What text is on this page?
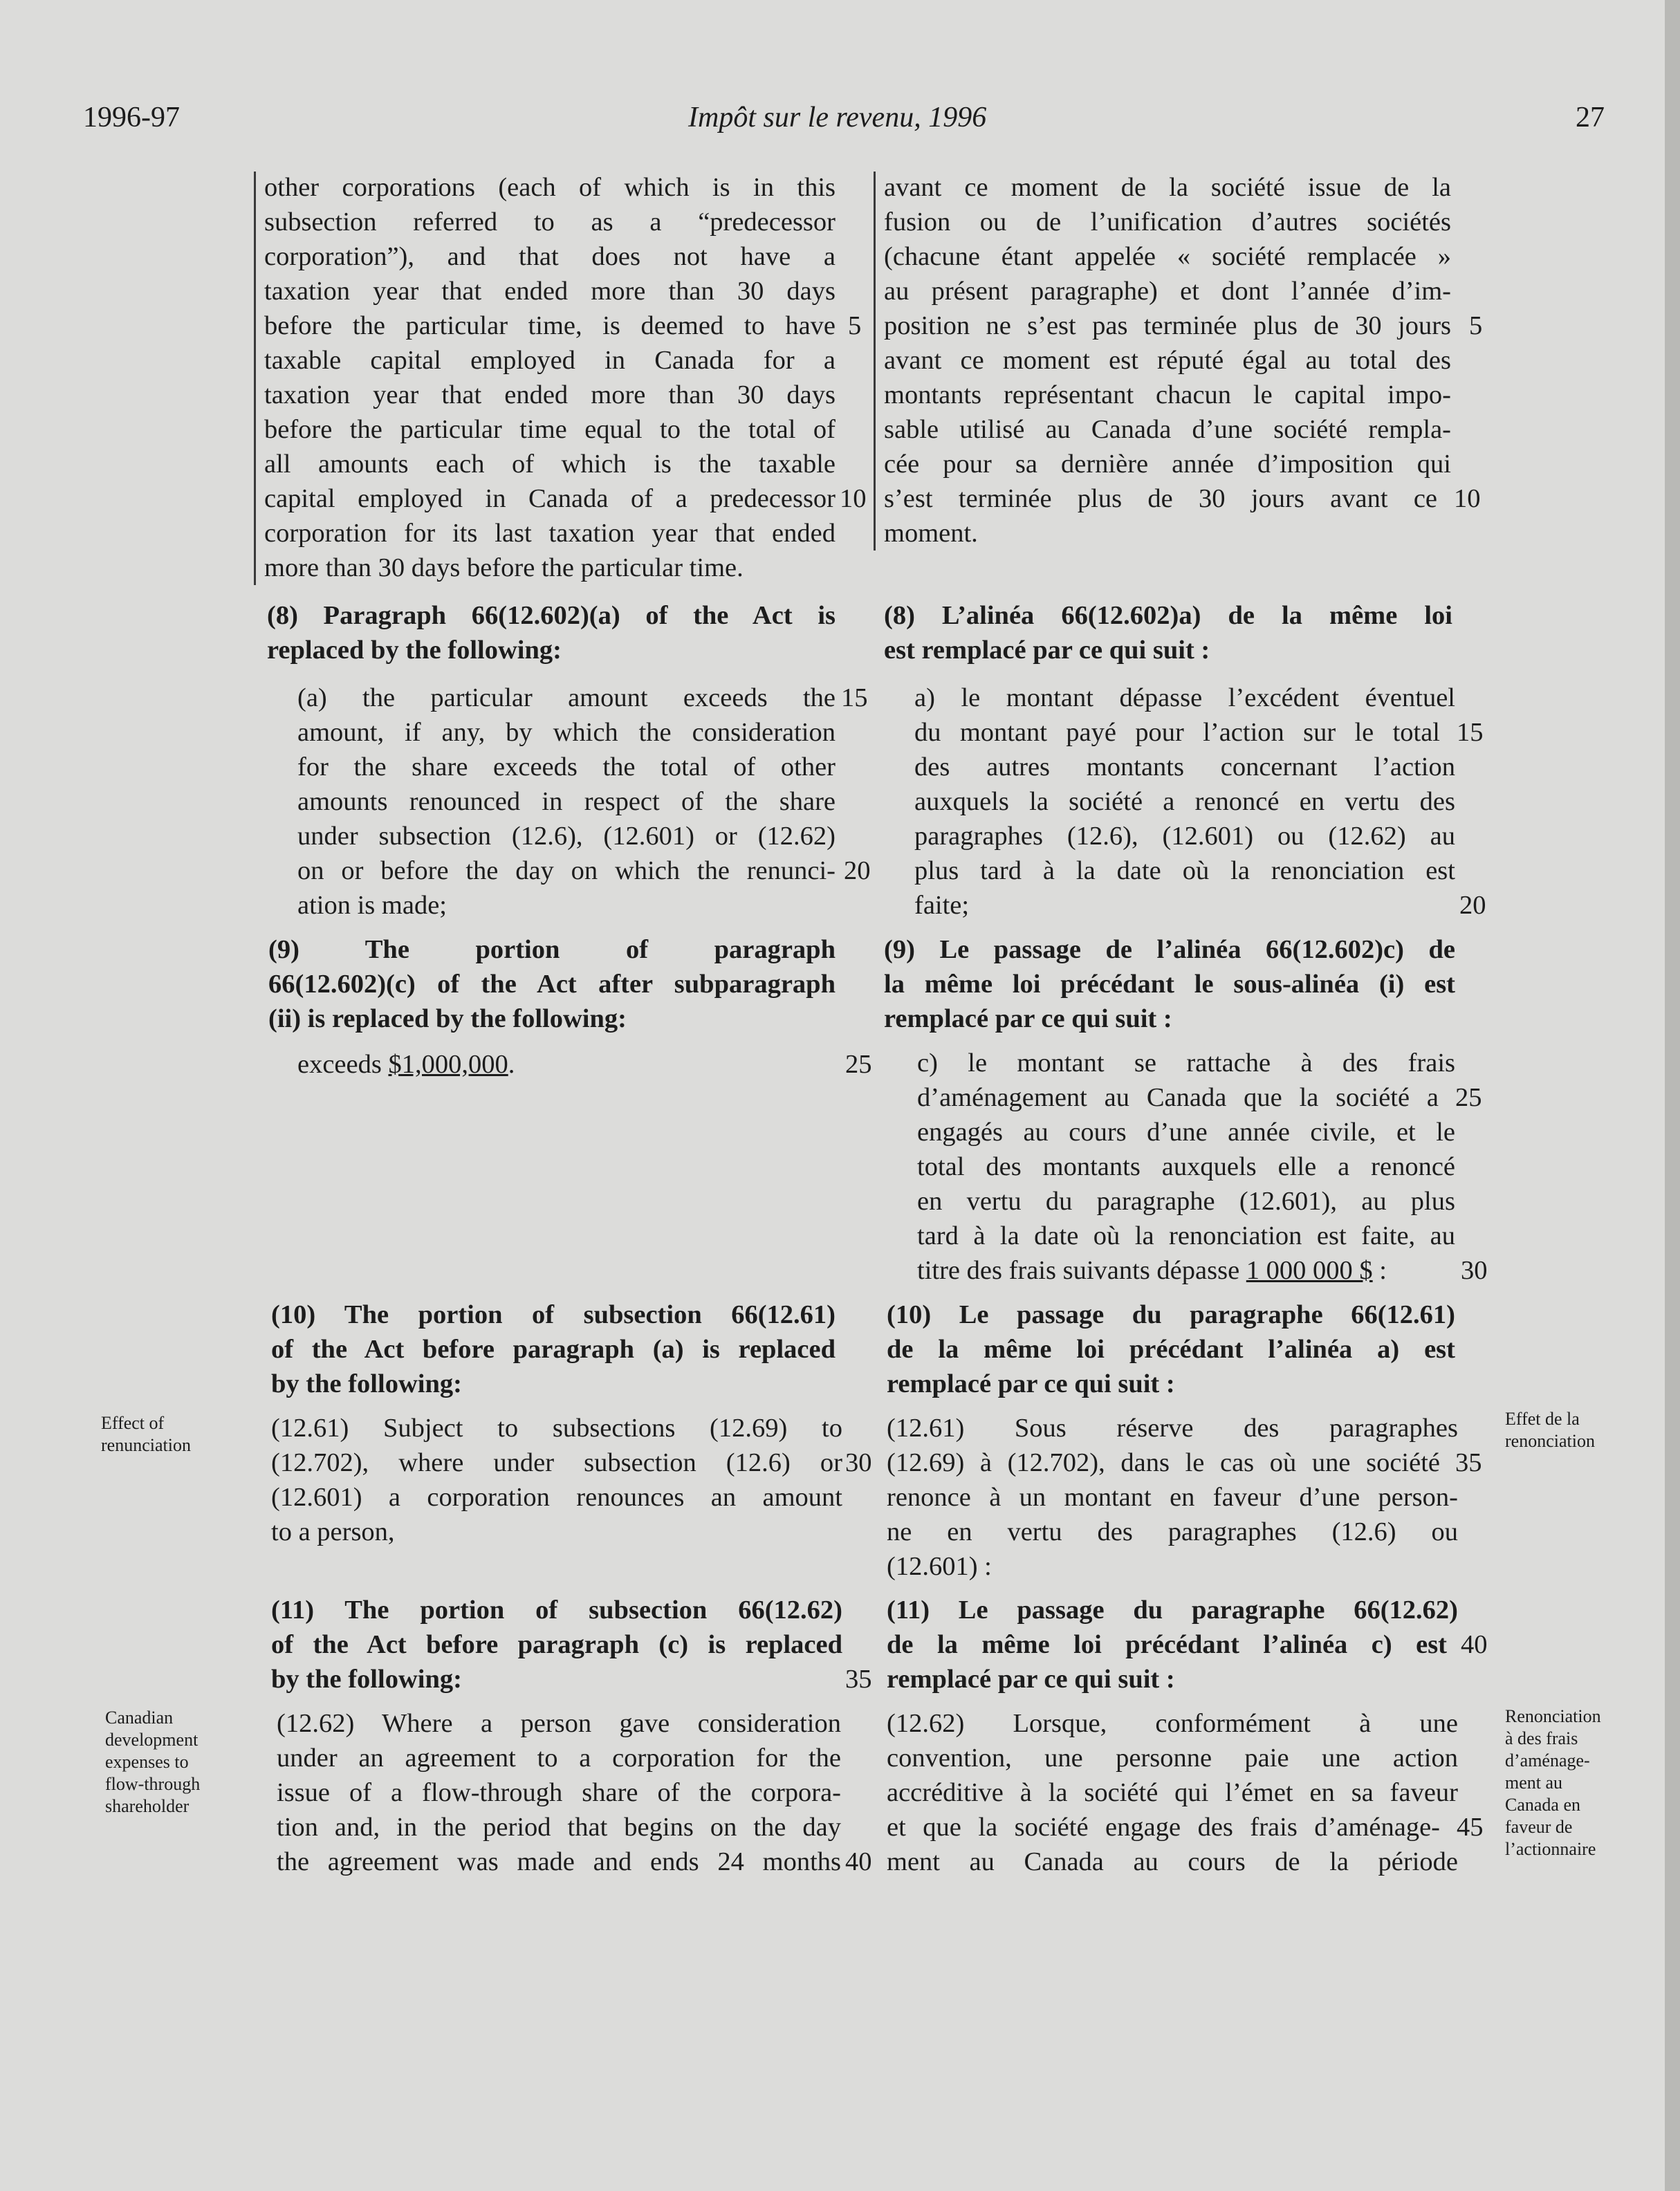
1996-97	Impôt sur le revenu, 1996	27
other corporations (each of which is in this
subsection referred to as a “predecessor
corporation”), and that does not have a
taxation year that ended more than 30 days
before the particular time, is deemed to have
taxable capital employed in Canada for a
taxation year that ended more than 30 days
before the particular time equal to the total of
all amounts each of which is the taxable
capital employed in Canada of a predecessor
corporation for its last taxation year that ended
more than 30 days before the particular time.
(8) Paragraph 66(12.602)(a) of the Act is
replaced by the following:
(a) the particular amount exceeds the
amount, if any, by which the consideration
for the share exceeds the total of other
amounts renounced in respect of the share
under subsection (12.6), (12.601) or (12.62)
on or before the day on which the renunci-
ation is made;
(9) The portion of paragraph
66(12.602)(c) of the Act after subparagraph
(ii) is replaced by the following:
exceeds $1,000,000.
(10) The portion of subsection 66(12.61)
of the Act before paragraph (a) is replaced
by the following:
(12.61) Subject to subsections (12.69) to
(12.702), where under subsection (12.6) or
(12.601) a corporation renounces an amount
to a person,
(11) The portion of subsection 66(12.62)
of the Act before paragraph (c) is replaced
by the following:
(12.62) Where a person gave consideration
under an agreement to a corporation for the
issue of a flow-through share of the corpora-
tion and, in the period that begins on the day
the agreement was made and ends 24 months
avant ce moment de la société issue de la
fusion ou de l’unification d’autres sociétés
(chacune étant appelée « société remplacée »
au présent paragraphe) et dont l’année d’im-
position ne s’est pas terminée plus de 30 jours
avant ce moment est réputé égal au total des
montants représentant chacun le capital impo-
sable utilisé au Canada d’une société rempla-
cée pour sa dernière année d’imposition qui
s’est terminée plus de 30 jours avant ce
moment.
(8) L’alinéa 66(12.602)a) de la même loi
est remplacé par ce qui suit :
a) le montant dépasse l’excédent éventuel
du montant payé pour l’action sur le total
des autres montants concernant l’action
auxquels la société a renoncé en vertu des
paragraphes (12.6), (12.601) ou (12.62) au
plus tard à la date où la renonciation est
faite;
(9) Le passage de l’alinéa 66(12.602)c) de
la même loi précédant le sous-alinéa (i) est
remplacé par ce qui suit :
c) le montant se rattache à des frais
d’aménagement au Canada que la société a
engagés au cours d’une année civile, et le
total des montants auxquels elle a renoncé
en vertu du paragraphe (12.601), au plus
tard à la date où la renonciation est faite, au
titre des frais suivants dépasse 1 000 000 $ :
(10) Le passage du paragraphe 66(12.61)
de la même loi précédant l’alinéa a) est
remplacé par ce qui suit :
(12.61) Sous réserve des paragraphes
(12.69) à (12.702), dans le cas où une société
renonce à un montant en faveur d’une person-
ne en vertu des paragraphes (12.6) ou
(12.601) :
(11) Le passage du paragraphe 66(12.62)
de la même loi précédant l’alinéa c) est
remplacé par ce qui suit :
(12.62) Lorsque, conformément à une
convention, une personne paie une action
accréditive à la société qui l’émet en sa faveur
et que la société engage des frais d’aménage-
ment au Canada au cours de la période
5
10
15
20
25
30
35
40
5
10
15
20
25
30
35
40
45
Effect of
renunciation
Effet de la
renonciation
Canadian
development
expenses to
flow-through
shareholder
Renonciation
à des frais
d’aménage-
ment au
Canada en
faveur de
l’actionnaire
